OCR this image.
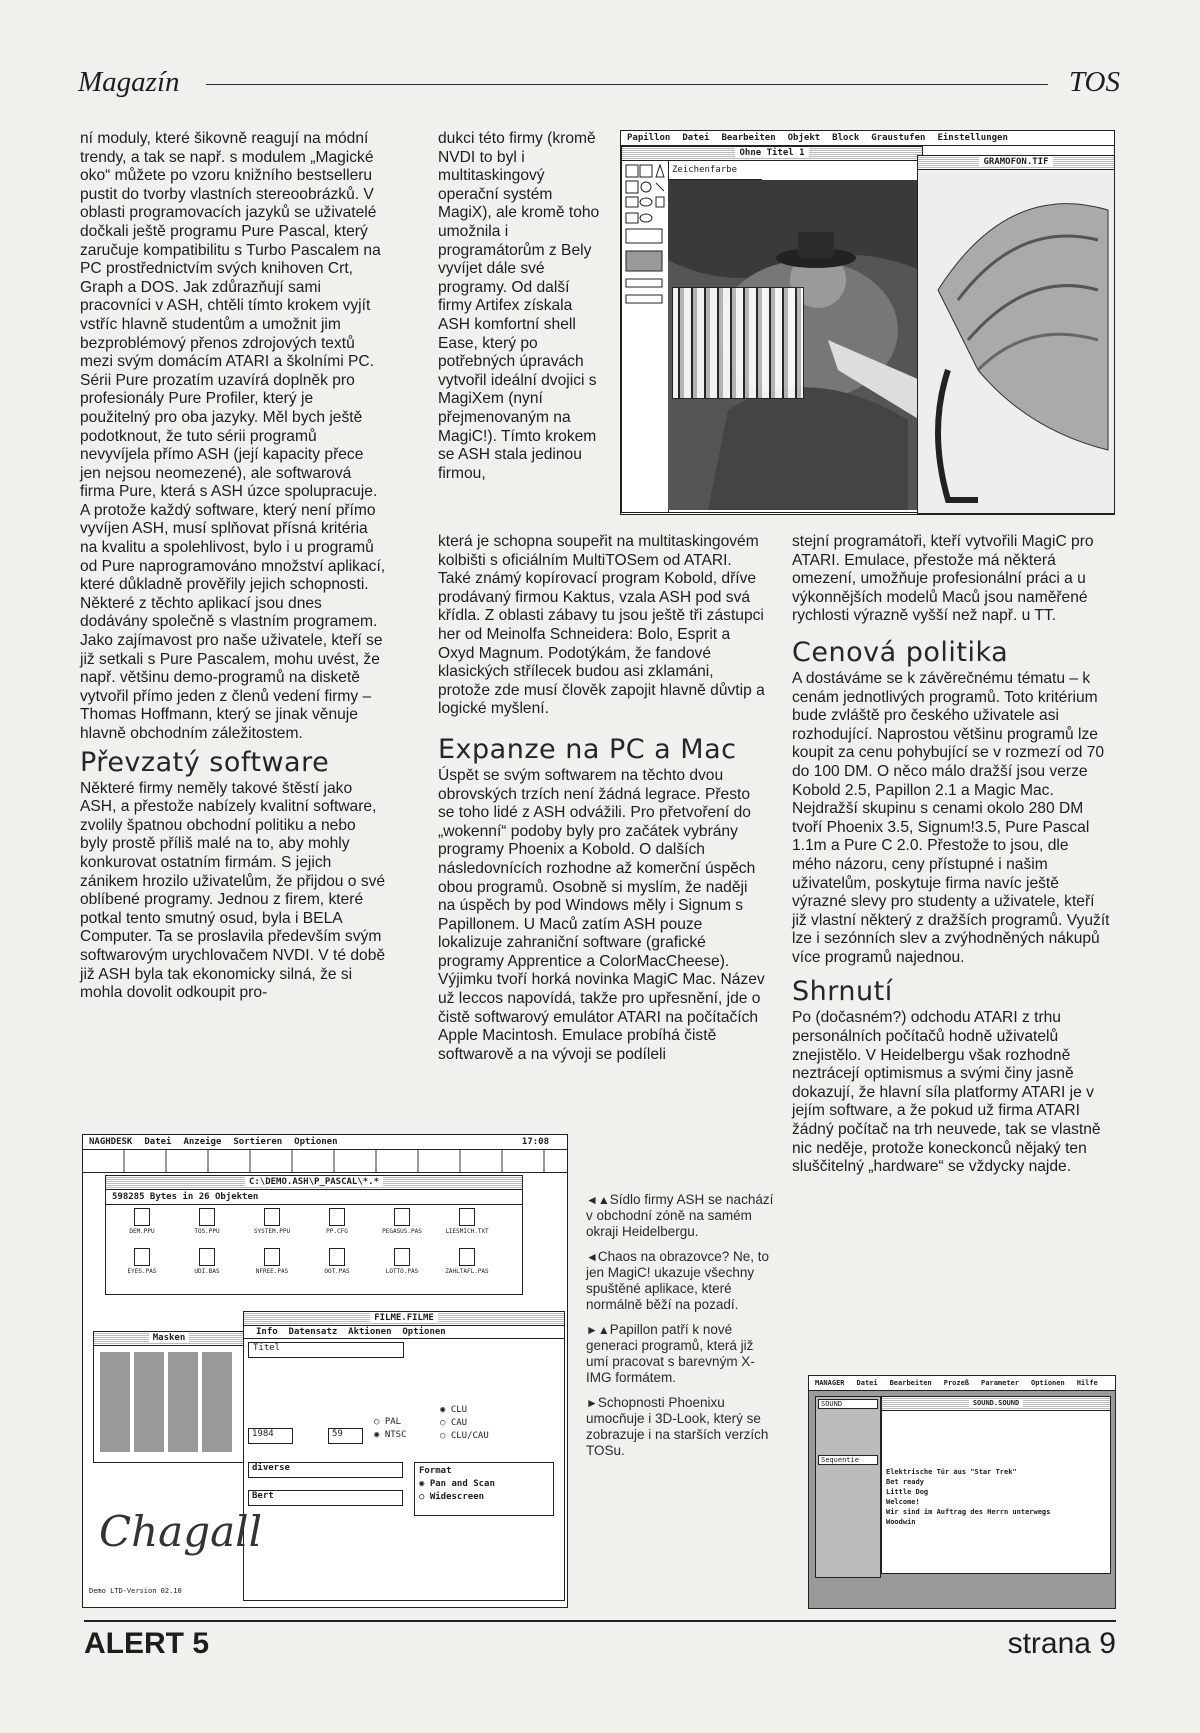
Magazín	TOS

ní moduly, které šikovně reagují na módní trendy, a tak se např. s modulem „Magické oko“ můžete po vzoru knižního bestselleru pustit do tvorby vlastních stereoobrázků. V oblasti programovacích jazyků se uživatelé dočkali ještě programu Pure Pascal, který zaručuje kompatibilitu s Turbo Pascalem na PC prostřednictvím svých knihoven Crt, Graph a DOS. Jak zdůrazňují sami pracovníci v ASH, chtěli tímto krokem vyjít vstříc hlavně studentům a umožnit jim bezproblémový přenos zdrojových textů mezi svým domácím ATARI a školními PC. Sérii Pure prozatím uzavírá doplněk pro profesionály Pure Profiler, který je použitelný pro oba jazyky. Měl bych ještě podotknout, že tuto sérii programů nevyvíjela přímo ASH (její kapacity přece jen nejsou neomezené), ale softwarová firma Pure, která s ASH úzce spolupracuje. A protože každý software, který není přímo vyvíjen ASH, musí splňovat přísná kritéria na kvalitu a spolehlivost, bylo i u programů od Pure naprogramováno množství aplikací, které důkladně prověřily jejich schopnosti. Některé z těchto aplikací jsou dnes dodávány společně s vlastním programem. Jako zajímavost pro naše uživatele, kteří se již setkali s Pure Pascalem, mohu uvést, že např. většinu demo-programů na disketě vytvořil přímo jeden z členů vedení firmy – Thomas Hoffmann, který se jinak věnuje hlavně obchodním záležitostem.

Převzatý software

Některé firmy neměly takové štěstí jako ASH, a přestože nabízely kvalitní software, zvolily špatnou obchodní politiku a nebo byly prostě příliš malé na to, aby mohly konkurovat ostatním firmám. S jejich zánikem hrozilo uživatelům, že přijdou o své oblíbené programy. Jednou z firem, které potkal tento smutný osud, byla i BELA Computer. Ta se proslavila především svým softwarovým urychlovačem NVDI. V té době již ASH byla tak ekonomicky silná, že si mohla dovolit odkoupit pro-

dukci této firmy (kromě NVDI to byl i multitaskingový operační systém MagiX), ale kromě toho umožnila i programátorům z Bely vyvíjet dále své programy. Od další firmy Artifex získala ASH komfortní shell Ease, který po potřebných úpravách vytvořil ideální dvojici s MagiXem (nyní přejmenovaným na MagiC!). Tímto krokem se ASH stala jedinou firmou,

která je schopna soupeřit na multitaskingovém kolbišti s oficiálním MultiTOSem od ATARI. Také známý kopírovací program Kobold, dříve prodávaný firmou Kaktus, vzala ASH pod svá křídla. Z oblasti zábavy tu jsou ještě tři zástupci her od Meinolfa Schneidera: Bolo, Esprit a Oxyd Magnum. Podotýkám, že fandové klasických střílecek budou asi zklamáni, protože zde musí člověk zapojit hlavně důvtip a logické myšlení.

Expanze na PC a Mac

Úspět se svým softwarem na těchto dvou obrovských trzích není žádná legrace. Přesto se toho lidé z ASH odvážili. Pro přetvoření do „wokenní“ podoby byly pro začátek vybrány programy Phoenix a Kobold. O dalších následovnících rozhodne až komerční úspěch obou programů. Osobně si myslím, že naději na úspěch by pod Windows měly i Signum s Papillonem. U Maců zatím ASH pouze lokalizuje zahraniční software (grafické programy Apprentice a ColorMacCheese). Výjimku tvoří horká novinka MagiC Mac. Název už leccos napovídá, takže pro upřesnění, jde o čistě softwarový emulátor ATARI na počítačích Apple Macintosh. Emulace probíhá čistě softwarově a na vývoji se podíleli

stejní programátoři, kteří vytvořili MagiC pro ATARI. Emulace, přestože má některá omezení, umožňuje profesionální práci a u výkonnějších modelů Maců jsou naměřené rychlosti výrazně vyšší než např. u TT.

Cenová politika

A dostáváme se k závěrečnému tématu – k cenám jednotlivých programů. Toto kritérium bude zvláště pro českého uživatele asi rozhodující. Naprostou většinu programů lze koupit za cenu pohybující se v rozmezí od 70 do 100 DM. O něco málo dražší jsou verze Kobold 2.5, Papillon 2.1 a Magic Mac. Nejdražší skupinu s cenami okolo 280 DM tvoří Phoenix 3.5, Signum!3.5, Pure Pascal 1.1m a Pure C 2.0. Přestože to jsou, dle mého názoru, ceny přístupné i našim uživatelům, poskytuje firma navíc ještě výrazné slevy pro studenty a uživatele, kteří již vlastní některý z dražších programů. Využít lze i sezónních slev a zvýhodněných nákupů více programů najednou.

Shrnutí

Po (dočasném?) odchodu ATARI z trhu personálních počítačů hodně uživatelů znejistělo. V Heidelbergu však rozhodně neztrácejí optimismus a svými činy jasně dokazují, že hlavní síla platformy ATARI je v jejím software, a že pokud už firma ATARI žádný počítač na trh neuvede, tak se vlastně nic neděje, protože koneckonců nějaký ten sluščitelný „hardware“ se vždycky najde.

Papillon Datei Bearbeiten Objekt Block Graustufen Einstellungen
Ohne Titel 1
Zeichenfarbe
GRAMOFON.TIF
NAGHDESK Datei Anzeige Sortieren Optionen	17:08
C:\DEMO.ASH\P_PASCAL\*.*
598285 Bytes in 26 Objekten
DEM.PPU	TOS.PPU	SYSTEM.PPU	PP.CFG	PEGASUS.PAS	LIESMICH.TXT
EYES.PAS	UDI.BAS	NFREE.PAS	OOT.PAS	LOTTO.PAS	ZAHLTAFL.PAS
Masken
FILME.FILME
Info Datensatz Aktionen Optionen
Titel
1984	59
○ PAL
◉ NTSC
◉ CLU
○ CAU
○ CLU/CAU
diverse
Bert
Format
◉ Pan and Scan
○ Widescreen
Chagall
Demo LTD-Version 02.10

◄▲Sídlo firmy ASH se nachází v obchodní zóně na samém okraji Heidelbergu.

◄Chaos na obrazovce? Ne, to jen MagiC! ukazuje všechny spuštěné aplikace, které normálně běží na pozadí.

►▲Papillon patří k nové generaci programů, která již umí pracovat s barevným X-IMG formátem.

►Schopnosti Phoenixu umocňuje i 3D-Look, který se zobrazuje i na starších verzích TOSu.

MANAGER Datei Bearbeiten Prozeß Parameter Optionen Hilfe
SOUND
Sequentie
SOUND.SOUND
Elektrische Tür aus "Star Trek"
Bet ready
Little Dog
Welcome!
Wir sind im Auftrag des Herrn unterwegs
Woodwin
ALERT 5	strana 9
